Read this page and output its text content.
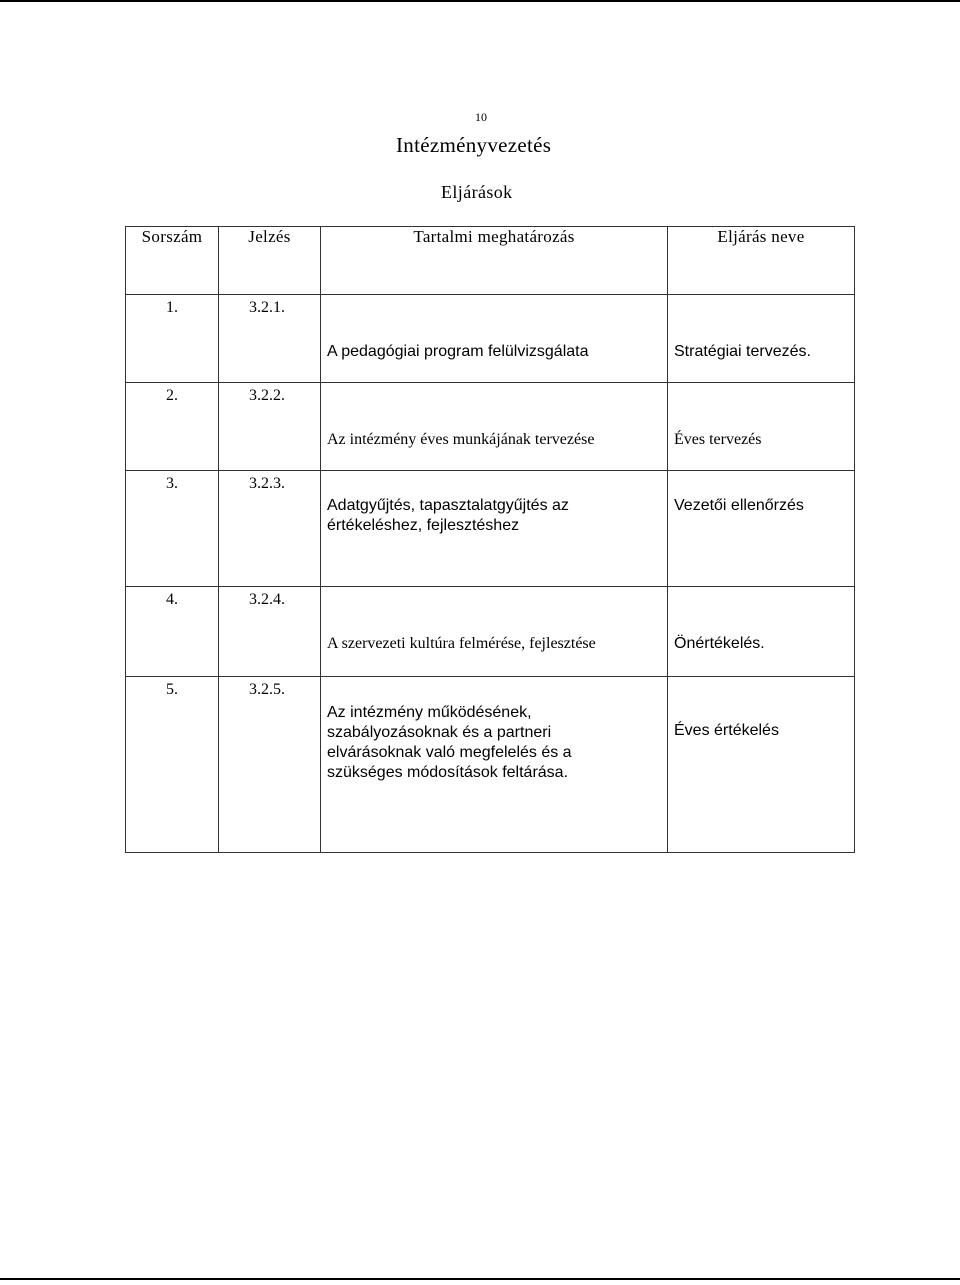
10
Intézményvezetés
Eljárások
Sorszám	Jelzés	Tartalmi meghatározás	Eljárás neve
1.	3.2.1.	A pedagógiai program felülvizsgálata	Stratégiai tervezés.

2.	3.2.2.	Az intézmény éves munkájának tervezése	Éves tervezés

3.	3.2.3.	Adatgyűjtés, tapasztalatgyűjtés az értékeléshez, fejlesztéshez	Vezetői ellenőrzés

4.	3.2.4.	A szervezeti kultúra felmérése, fejlesztése	Önértékelés.

5.	3.2.5.	Az intézmény működésének, szabályozásoknak és a partneri elvárásoknak való megfelelés és a szükséges módosítások feltárása.	Éves értékelés
